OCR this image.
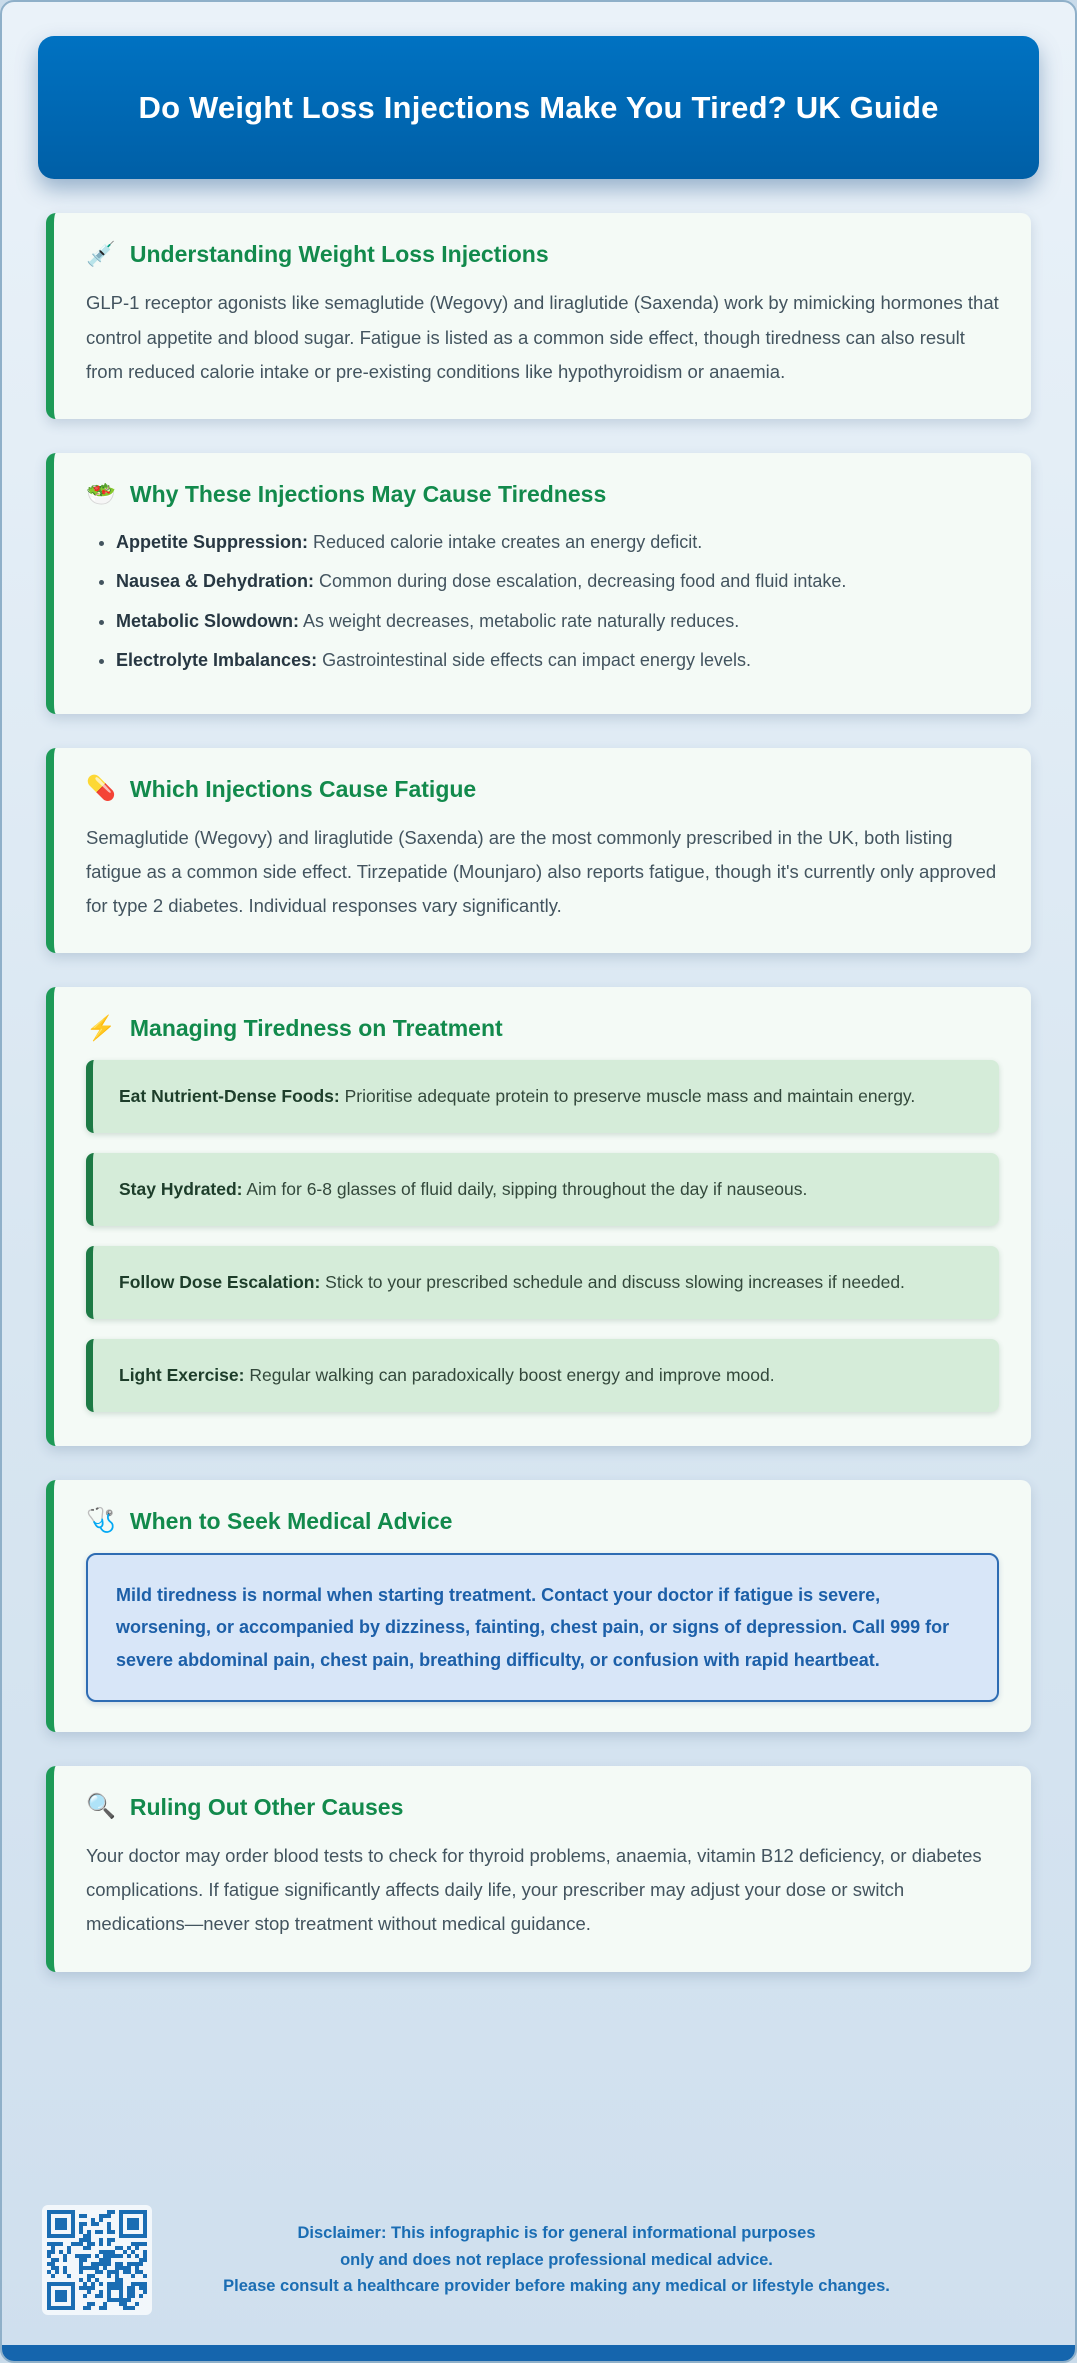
Do Weight Loss Injections Make You Tired? UK Guide
💉 Understanding Weight Loss Injections

GLP-1 receptor agonists like semaglutide (Wegovy) and liraglutide (Saxenda) work by mimicking hormones that control appetite and blood sugar. Fatigue is listed as a common side effect, though tiredness can also result from reduced calorie intake or pre-existing conditions like hypothyroidism or anaemia.

🥗 Why These Injections May Cause Tiredness
• Appetite Suppression: Reduced calorie intake creates an energy deficit.
• Nausea & Dehydration: Common during dose escalation, decreasing food and fluid intake.
• Metabolic Slowdown: As weight decreases, metabolic rate naturally reduces.
• Electrolyte Imbalances: Gastrointestinal side effects can impact energy levels.
💊 Which Injections Cause Fatigue

Semaglutide (Wegovy) and liraglutide (Saxenda) are the most commonly prescribed in the UK, both listing fatigue as a common side effect. Tirzepatide (Mounjaro) also reports fatigue, though it's currently only approved for type 2 diabetes. Individual responses vary significantly.

⚡ Managing Tiredness on Treatment
Eat Nutrient-Dense Foods: Prioritise adequate protein to preserve muscle mass and maintain energy.
Stay Hydrated: Aim for 6-8 glasses of fluid daily, sipping throughout the day if nauseous.
Follow Dose Escalation: Stick to your prescribed schedule and discuss slowing increases if needed.
Light Exercise: Regular walking can paradoxically boost energy and improve mood.
🩺 When to Seek Medical Advice
Mild tiredness is normal when starting treatment. Contact your doctor if fatigue is severe, worsening, or accompanied by dizziness, fainting, chest pain, or signs of depression. Call 999 for severe abdominal pain, chest pain, breathing difficulty, or confusion with rapid heartbeat.
🔍 Ruling Out Other Causes

Your doctor may order blood tests to check for thyroid problems, anaemia, vitamin B12 deficiency, or diabetes complications. If fatigue significantly affects daily life, your prescriber may adjust your dose or switch medications—never stop treatment without medical guidance.

Disclaimer: This infographic is for general informational purposes
only and does not replace professional medical advice.
Please consult a healthcare provider before making any medical or lifestyle changes.
